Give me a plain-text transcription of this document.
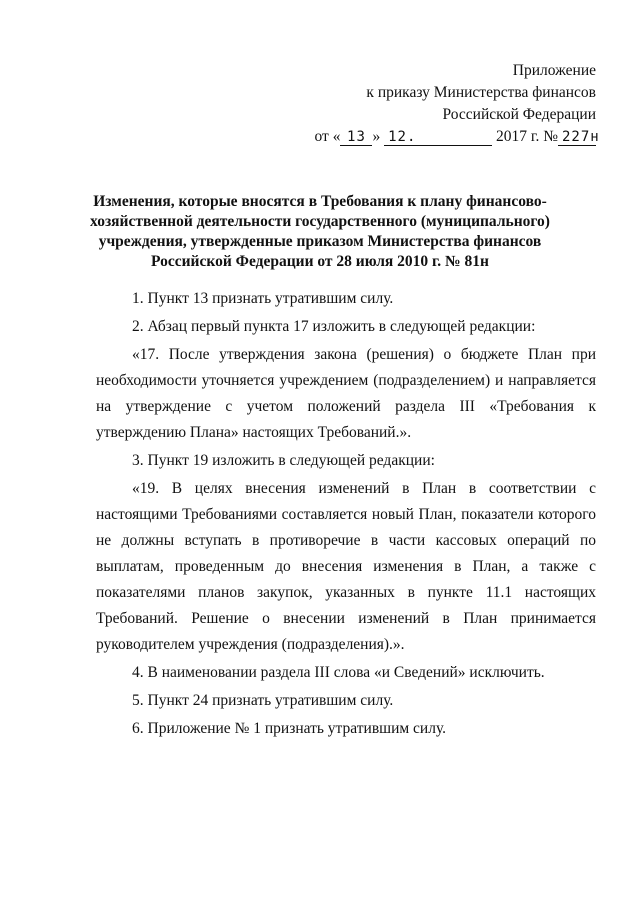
Приложение
к приказу Министерства финансов
Российской Федерации
от « 13 » 12.	2017 г. № 227н
Изменения, которые вносятся в Требования к плану финансово-хозяйственной деятельности государственного (муниципального) учреждения, утвержденные приказом Министерства финансов Российской Федерации от 28 июля 2010 г. № 81н

1. Пункт 13 признать утратившим силу.

2. Абзац первый пункта 17 изложить в следующей редакции:

«17. После утверждения закона (решения) о бюджете План при необходимости уточняется учреждением (подразделением) и направляется на утверждение с учетом положений раздела III «Требования к утверждению Плана» настоящих Требований.».

3. Пункт 19 изложить в следующей редакции:

«19. В целях внесения изменений в План в соответствии с настоящими Требованиями составляется новый План, показатели которого не должны вступать в противоречие в части кассовых операций по выплатам, проведенным до внесения изменения в План, а также с показателями планов закупок, указанных в пункте 11.1 настоящих Требований. Решение о внесении изменений в План принимается руководителем учреждения (подразделения).».

4. В наименовании раздела III слова «и Сведений» исключить.

5. Пункт 24 признать утратившим силу.

6. Приложение № 1 признать утратившим силу.
